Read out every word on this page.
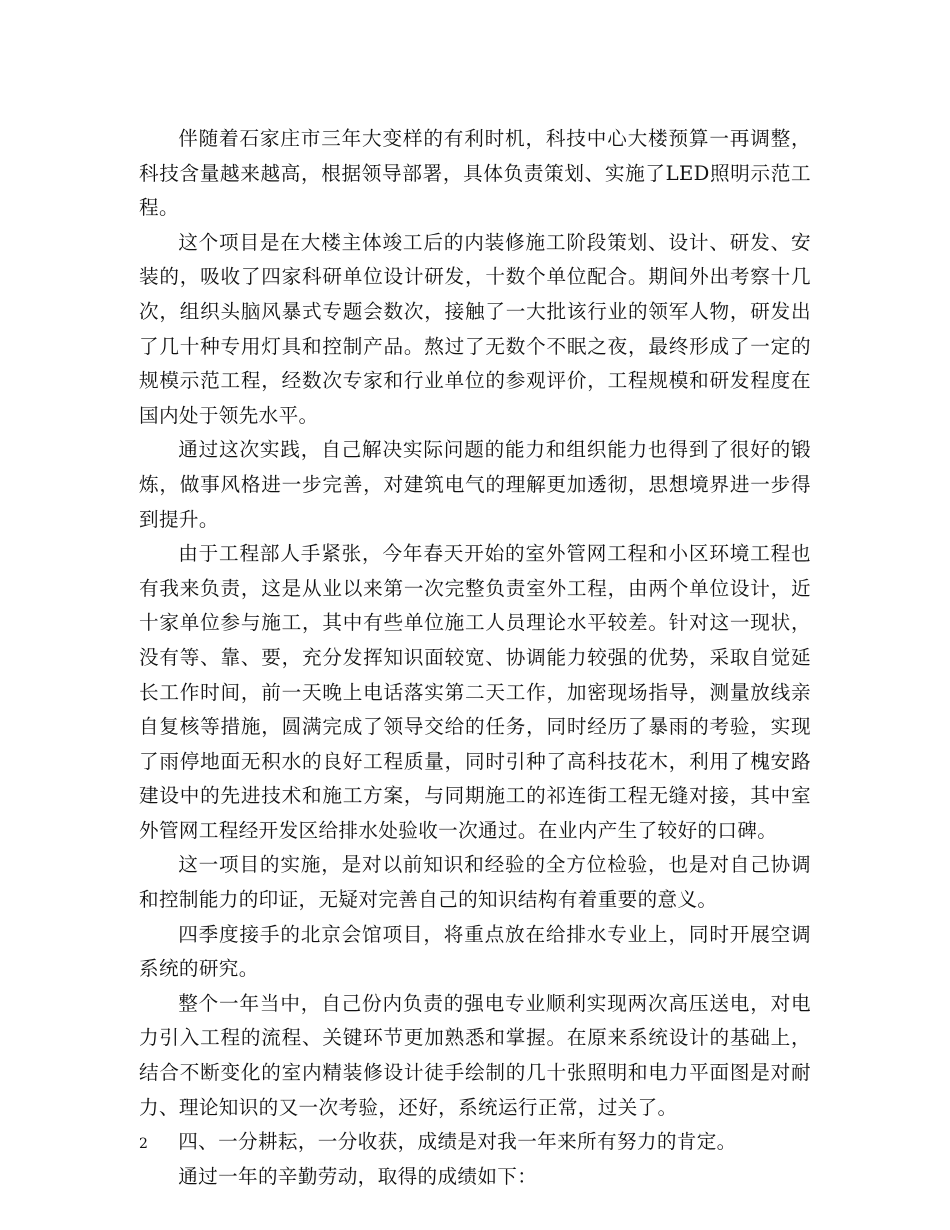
伴随着石家庄市三年大变样的有利时机，科技中心大楼预算一再调整，科技含量越来越高，根据领导部署，具体负责策划、实施了LED照明示范工程。

这个项目是在大楼主体竣工后的内装修施工阶段策划、设计、研发、安装的，吸收了四家科研单位设计研发，十数个单位配合。期间外出考察十几次，组织头脑风暴式专题会数次，接触了一大批该行业的领军人物，研发出了几十种专用灯具和控制产品。熬过了无数个不眠之夜，最终形成了一定的规模示范工程，经数次专家和行业单位的参观评价，工程规模和研发程度在国内处于领先水平。

通过这次实践，自己解决实际问题的能力和组织能力也得到了很好的锻炼，做事风格进一步完善，对建筑电气的理解更加透彻，思想境界进一步得到提升。

由于工程部人手紧张，今年春天开始的室外管网工程和小区环境工程也有我来负责，这是从业以来第一次完整负责室外工程，由两个单位设计，近十家单位参与施工，其中有些单位施工人员理论水平较差。针对这一现状，没有等、靠、要，充分发挥知识面较宽、协调能力较强的优势，采取自觉延长工作时间，前一天晚上电话落实第二天工作，加密现场指导，测量放线亲自复核等措施，圆满完成了领导交给的任务，同时经历了暴雨的考验，实现了雨停地面无积水的良好工程质量，同时引种了高科技花木，利用了槐安路建设中的先进技术和施工方案，与同期施工的祁连街工程无缝对接，其中室外管网工程经开发区给排水处验收一次通过。在业内产生了较好的口碑。

这一项目的实施，是对以前知识和经验的全方位检验，也是对自己协调和控制能力的印证，无疑对完善自己的知识结构有着重要的意义。

四季度接手的北京会馆项目，将重点放在给排水专业上，同时开展空调系统的研究。

整个一年当中，自己份内负责的强电专业顺利实现两次高压送电，对电力引入工程的流程、关键环节更加熟悉和掌握。在原来系统设计的基础上，结合不断变化的室内精装修设计徒手绘制的几十张照明和电力平面图是对耐力、理论知识的又一次考验，还好，系统运行正常，过关了。

四、一分耕耘，一分收获，成绩是对我一年来所有努力的肯定。

通过一年的辛勤劳动，取得的成绩如下：

2
